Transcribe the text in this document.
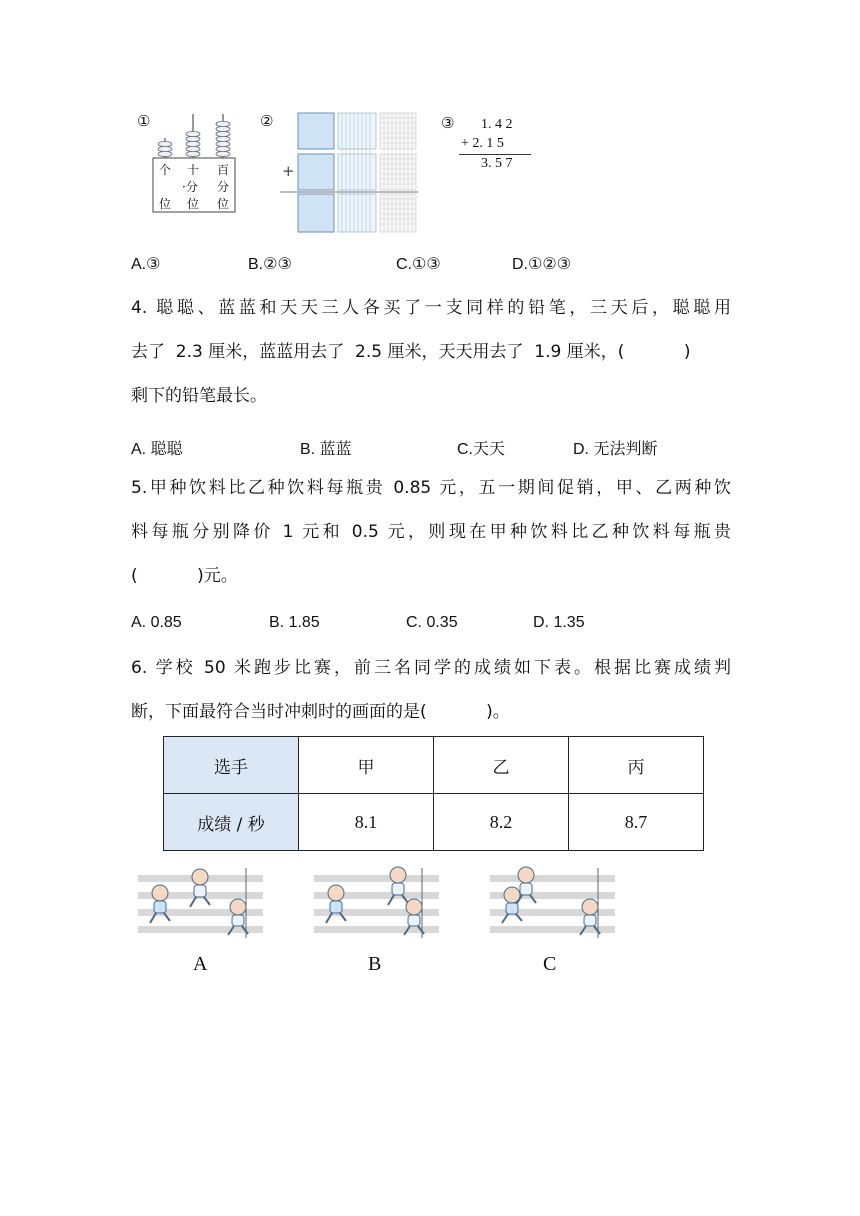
①
个 十 百
·分 分
位 位 位
②
+
③ 1. 4 2
+ 2. 1 5
3. 5 7
A.③	B.②③	C.①③	D.①②③
4. 聪聪、蓝蓝和天天三人各买了一支同样的铅笔，三天后，聪聪用
去了  2.3 厘米，蓝蓝用去了  2.5 厘米，天天用去了  1.9 厘米，(           )
剩下的铅笔最长。
A. 聪聪	B. 蓝蓝	C.天天	D. 无法判断
5.甲种饮料比乙种饮料每瓶贵 0.85 元，五一期间促销，甲、乙两种饮
料每瓶分别降价 1 元和 0.5 元，则现在甲种饮料比乙种饮料每瓶贵
(           )元。
A. 0.85	B. 1.85	C. 0.35	D. 1.35
6. 学校 50 米跑步比赛，前三名同学的成绩如下表。根据比赛成绩判
断，下面最符合当时冲刺时的画面的是(           )。
选手	甲	乙	丙
成绩 / 秒	8.1	8.2	8.7
A	B	C
